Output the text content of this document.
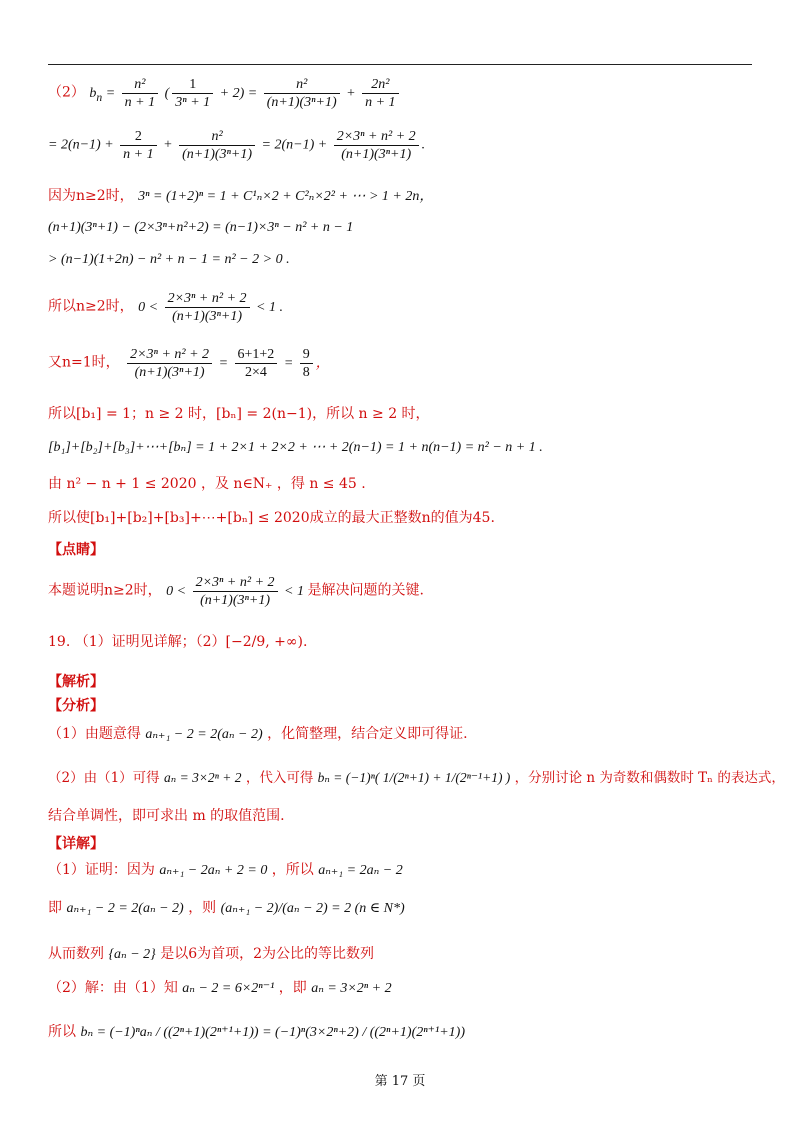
（2） $b_n = \frac{\text{n²}}{n + 1}$ ( $\frac{1}{\text{3ⁿ + 1}} + 2) = \frac{\text{n²}}{\text{(n+1)(3ⁿ+1)}} + \frac{\text{2n²}}{n + 1}$
= $2(n-1) + \frac{2}{n + 1} + \frac{\text{n²}}{\text{(n+1)(3ⁿ+1)}} = 2(n-1) + \frac{\text{2×3ⁿ + n² + 2}}{\text{(n+1)(3ⁿ+1)}}$ .
因为n≥2时， 3ⁿ = (1+2)ⁿ = 1 + C¹ₙ×2 + C²ₙ×2² + ⋯ > 1 + 2n，
(n+1)(3ⁿ+1) − (2×3ⁿ+n²+2) = (n−1)×3ⁿ − n² + n − 1
> (n−1)(1+2n) − n² + n − 1 = n² − 2 > 0 .
所以n≥2时， $0 < \frac{\text{2×3ⁿ + n² + 2}}{\text{(n+1)(3ⁿ+1)}} < 1$ .
又n=1时， $\frac{\text{2×3ⁿ + n² + 2}}{\text{(n+1)(3ⁿ+1)}} = \frac{6+1+2}{2\times 4} = \frac{9}{8}$ ，
所以[b₁] = 1；n ≥ 2 时，[bₙ] = 2(n−1)，所以 n ≥ 2 时，
[b₁]+[b₂]+[b₃]+⋯+[bₙ] = 1 + 2×1 + 2×2 + ⋯ + 2(n−1) = 1 + n(n−1) = n² − n + 1 .
由 n² − n + 1 ≤ 2020 ，及 n∈N₊ ，得 n ≤ 45 .
所以使[b₁]+[b₂]+[b₃]+⋯+[bₙ] ≤ 2020成立的最大正整数n的值为45.
【点睛】
本题说明n≥2时， $0 < \frac{\text{2×3ⁿ + n² + 2}}{\text{(n+1)(3ⁿ+1)}} < 1$ 是解决问题的关键.
19. （1）证明见详解；（2）[−2/9, +∞).
【解析】
【分析】
（1）由题意得 aₙ₊₁ − 2 = 2(aₙ − 2) ，化简整理，结合定义即可得证.
（2）由（1）可得 aₙ = 3×2ⁿ + 2 ，代入可得 bₙ = (−1)ⁿ( 1/(2ⁿ+1) + 1/(2ⁿ⁻¹+1) ) ，分别讨论 n 为奇数和偶数时 Tₙ 的表达式，
结合单调性，即可求出 m 的取值范围.
【详解】
（1）证明：因为 aₙ₊₁ − 2aₙ + 2 = 0 ，所以 aₙ₊₁ = 2aₙ − 2
即 aₙ₊₁ − 2 = 2(aₙ − 2) ，则 (aₙ₊₁ − 2)/(aₙ − 2) = 2 (n ∈ N*)
从而数列 {aₙ − 2} 是以6为首项，2为公比的等比数列
（2）解：由（1）知 aₙ − 2 = 6×2ⁿ⁻¹ ，即 aₙ = 3×2ⁿ + 2
所以 bₙ = (−1)ⁿaₙ / ((2ⁿ+1)(2ⁿ⁺¹+1)) = (−1)ⁿ(3×2ⁿ+2) / ((2ⁿ+1)(2ⁿ⁺¹+1))
第 17 页
